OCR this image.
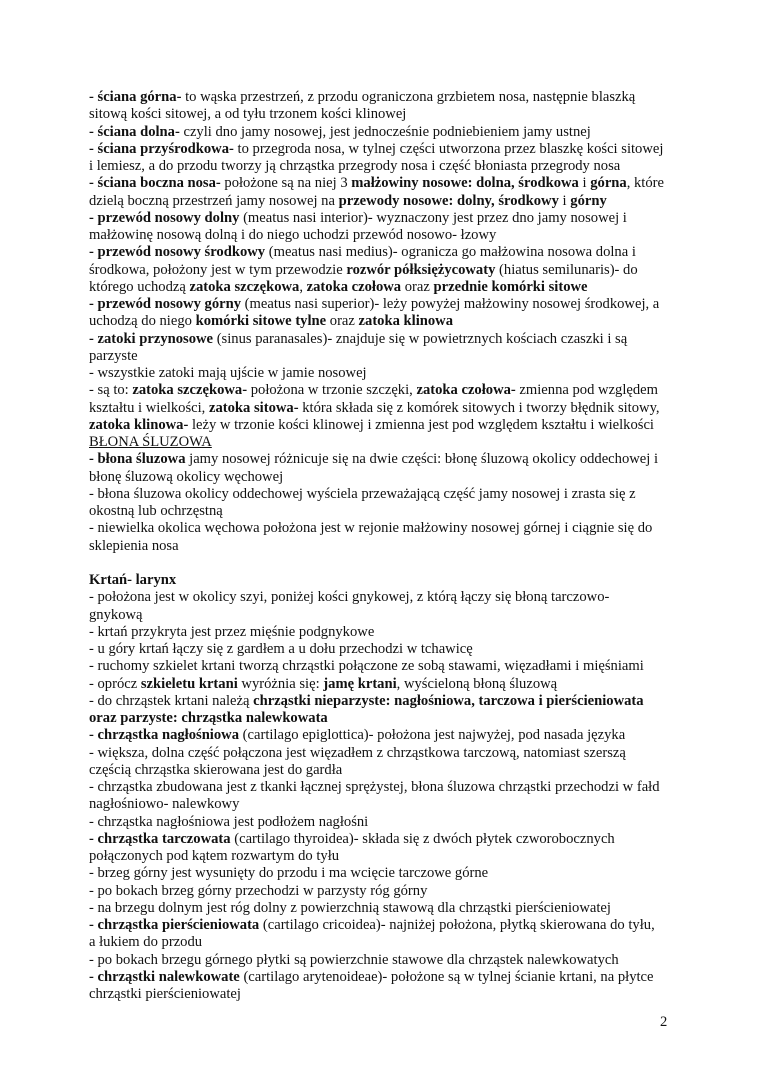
- ściana górna- to wąska przestrzeń, z przodu ograniczona grzbietem nosa, następnie blaszką
sitową kości sitowej, a od tyłu trzonem kości klinowej
- ściana dolna- czyli dno jamy nosowej, jest jednocześnie podniebieniem jamy ustnej
- ściana przyśrodkowa- to przegroda nosa, w tylnej części utworzona przez blaszkę kości sitowej
i lemiesz, a do przodu tworzy ją chrząstka przegrody nosa i część błoniasta przegrody nosa
- ściana boczna nosa- położone są na niej 3 małżowiny nosowe: dolna, środkowa i górna, które
dzielą boczną przestrzeń jamy nosowej na przewody nosowe: dolny, środkowy i górny
- przewód nosowy dolny (meatus nasi interior)- wyznaczony jest przez dno jamy nosowej i
małżowinę nosową dolną i do niego uchodzi przewód nosowo- łzowy
- przewód nosowy środkowy (meatus nasi medius)- ogranicza go małżowina nosowa dolna i
środkowa, położony jest w tym przewodzie rozwór półksiężycowaty (hiatus semilunaris)- do
którego uchodzą zatoka szczękowa, zatoka czołowa oraz przednie komórki sitowe
- przewód nosowy górny (meatus nasi superior)- leży powyżej małżowiny nosowej środkowej, a
uchodzą do niego komórki sitowe tylne oraz zatoka klinowa
- zatoki przynosowe (sinus paranasales)- znajduje się w powietrznych kościach czaszki i są
parzyste
- wszystkie zatoki mają ujście w jamie nosowej
- są to: zatoka szczękowa- położona w trzonie szczęki, zatoka czołowa- zmienna pod względem
kształtu i wielkości, zatoka sitowa- która składa się z komórek sitowych i tworzy błędnik sitowy,
zatoka klinowa- leży w trzonie kości klinowej i zmienna jest pod względem kształtu i wielkości
BŁONA ŚLUZOWA
- błona śluzowa jamy nosowej różnicuje się na dwie części: błonę śluzową okolicy oddechowej i
błonę śluzową okolicy węchowej
- błona śluzowa okolicy oddechowej wyściela przeważającą część jamy nosowej i zrasta się z
okostną lub ochrzęstną
- niewielka okolica węchowa położona jest w rejonie małżowiny nosowej górnej i ciągnie się do
sklepienia nosa
Krtań- larynx
- położona jest w okolicy szyi, poniżej kości gnykowej, z którą łączy się błoną tarczowo-
gnykową
- krtań przykryta jest przez mięśnie podgnykowe
- u góry krtań łączy się z gardłem a u dołu przechodzi w tchawicę
- ruchomy szkielet krtani tworzą chrząstki połączone ze sobą stawami, więzadłami i mięśniami
- oprócz szkieletu krtani wyróżnia się: jamę krtani, wyścieloną błoną śluzową
- do chrząstek krtani należą chrząstki nieparzyste: nagłośniowa, tarczowa i pierścieniowata
oraz parzyste: chrząstka nalewkowata
- chrząstka nagłośniowa (cartilago epiglottica)- położona jest najwyżej, pod nasada języka
- większa, dolna część połączona jest więzadłem z chrząstkowa tarczową, natomiast szerszą
częścią chrząstka skierowana jest do gardła
- chrząstka zbudowana jest z tkanki łącznej sprężystej, błona śluzowa chrząstki przechodzi w fałd
nagłośniowo- nalewkowy
- chrząstka nagłośniowa jest podłożem nagłośni
- chrząstka tarczowata (cartilago thyroidea)- składa się z dwóch płytek czworobocznych
połączonych pod kątem rozwartym do tyłu
- brzeg górny jest wysunięty do przodu i ma wcięcie tarczowe górne
- po bokach brzeg górny przechodzi w parzysty róg górny
- na brzegu dolnym jest róg dolny z powierzchnią stawową dla chrząstki pierścieniowatej
- chrząstka pierścieniowata (cartilago cricoidea)- najniżej położona, płytką skierowana do tyłu,
a łukiem do przodu
- po bokach brzegu górnego płytki są powierzchnie stawowe dla chrząstek nalewkowatych
- chrząstki nalewkowate (cartilago arytenoideae)- położone są w tylnej ścianie krtani, na płytce
chrząstki pierścieniowatej
2
